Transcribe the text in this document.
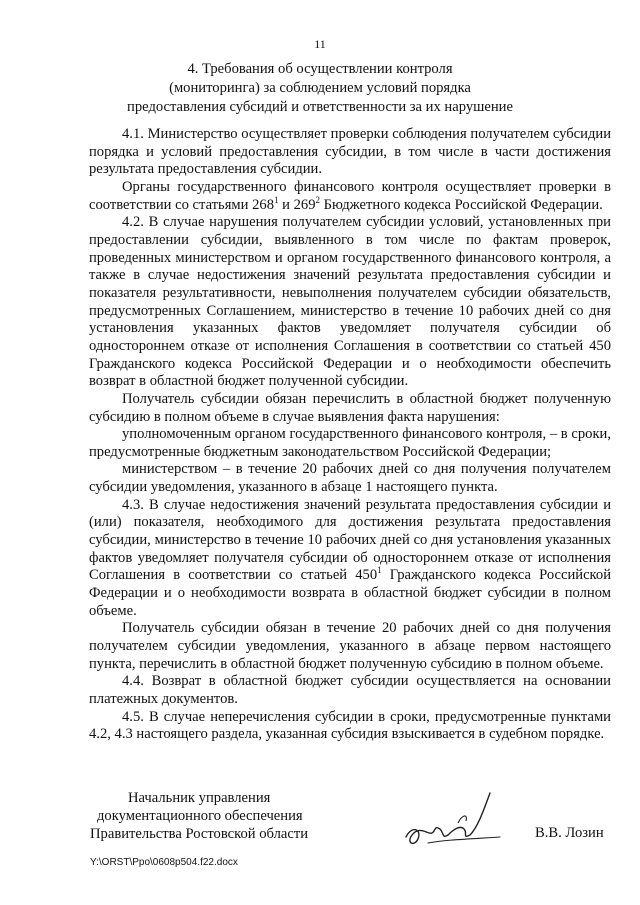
11
4. Требования об осуществлении контроля
(мониторинга) за соблюдением условий порядка
предоставления субсидий и ответственности за их нарушение

4.1. Министерство осуществляет проверки соблюдения получателем субсидии порядка и условий предоставления субсидии, в том числе в части достижения результата предоставления субсидии.

Органы государственного финансового контроля осуществляет проверки в соответствии со статьями $268^1$ и $269^2$ Бюджетного кодекса Российской Федерации.

4.2. В случае нарушения получателем субсидии условий, установленных при предоставлении субсидии, выявленного в том числе по фактам проверок, проведенных министерством и органом государственного финансового контроля, а также в случае недостижения значений результата предоставления субсидии и показателя результативности, невыполнения получателем субсидии обязательств, предусмотренных Соглашением, министерство в течение 10 рабочих дней со дня установления указанных фактов уведомляет получателя субсидии об одностороннем отказе от исполнения Соглашения в соответствии со статьей 450 Гражданского кодекса Российской Федерации и о необходимости обеспечить возврат в областной бюджет полученной субсидии.

Получатель субсидии обязан перечислить в областной бюджет полученную субсидию в полном объеме в случае выявления факта нарушения:

уполномоченным органом государственного финансового контроля, – в сроки, предусмотренные бюджетным законодательством Российской Федерации;

министерством – в течение 20 рабочих дней со дня получения получателем субсидии уведомления, указанного в абзаце 1 настоящего пункта.

4.3. В случае недостижения значений результата предоставления субсидии и (или) показателя, необходимого для достижения результата предоставления субсидии, министерство в течение 10 рабочих дней со дня установления указанных фактов уведомляет получателя субсидии об одностороннем отказе от исполнения Соглашения в соответствии со статьей $450^1$ Гражданского кодекса Российской Федерации и о необходимости возврата в областной бюджет субсидии в полном объеме.

Получатель субсидии обязан в течение 20 рабочих дней со дня получения получателем субсидии уведомления, указанного в абзаце первом настоящего пункта, перечислить в областной бюджет полученную субсидию в полном объеме.

4.4. Возврат в областной бюджет субсидии осуществляется на основании платежных документов.

4.5. В случае неперечисления субсидии в сроки, предусмотренные пунктами 4.2, 4.3 настоящего раздела, указанная субсидия взыскивается в судебном порядке.

Начальник управления
документационного обеспечения
Правительства Ростовской области	В.В. Лозин
Y:\ORST\Ppo\0608p504.f22.docx
